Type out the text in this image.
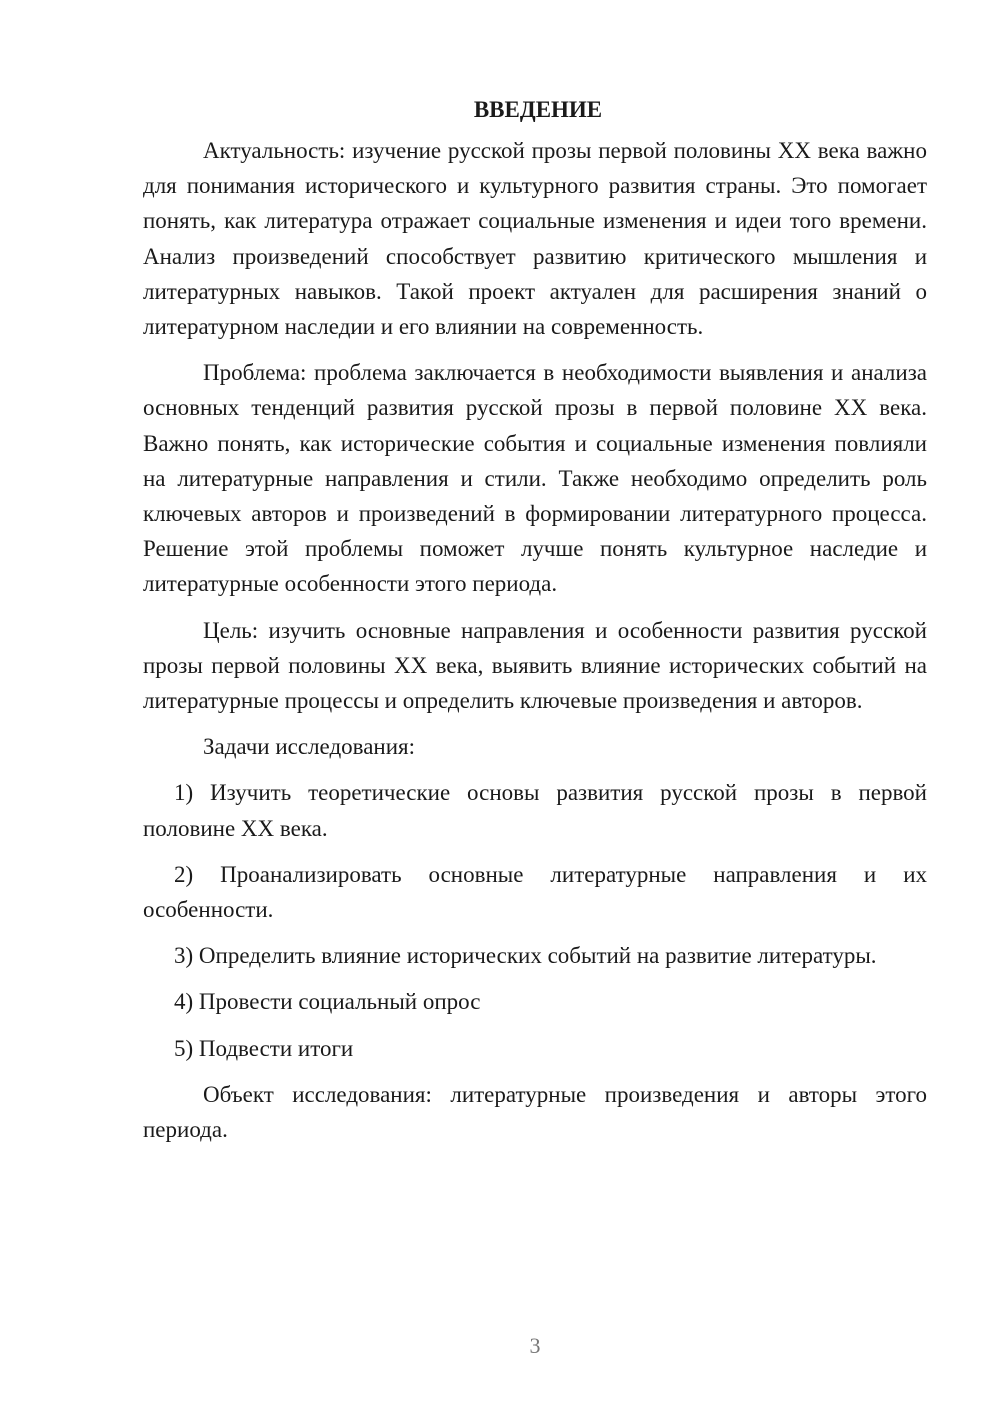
ВВЕДЕНИЕ

Актуальность: изучение русской прозы первой половины XX века важно для понимания исторического и культурного развития страны. Это помогает понять, как литература отражает социальные изменения и идеи того времени. Анализ произведений способствует развитию критического мышления и литературных навыков. Такой проект актуален для расширения знаний о литературном наследии и его влиянии на современность.

Проблема: проблема заключается в необходимости выявления и анализа основных тенденций развития русской прозы в первой половине XX века. Важно понять, как исторические события и социальные изменения повлияли на литературные направления и стили. Также необходимо определить роль ключевых авторов и произведений в формировании литературного процесса. Решение этой проблемы поможет лучше понять культурное наследие и литературные особенности этого периода.

Цель: изучить основные направления и особенности развития русской прозы первой половины XX века, выявить влияние исторических событий на литературные процессы и определить ключевые произведения и авторов.

Задачи исследования:

1) Изучить теоретические основы развития русской прозы в первой половине XX века.

2) Проанализировать основные литературные направления и их особенности.

3) Определить влияние исторических событий на развитие литературы.

4) Провести социальный опрос

5) Подвести итоги

Объект исследования: литературные произведения и авторы этого периода.

3
